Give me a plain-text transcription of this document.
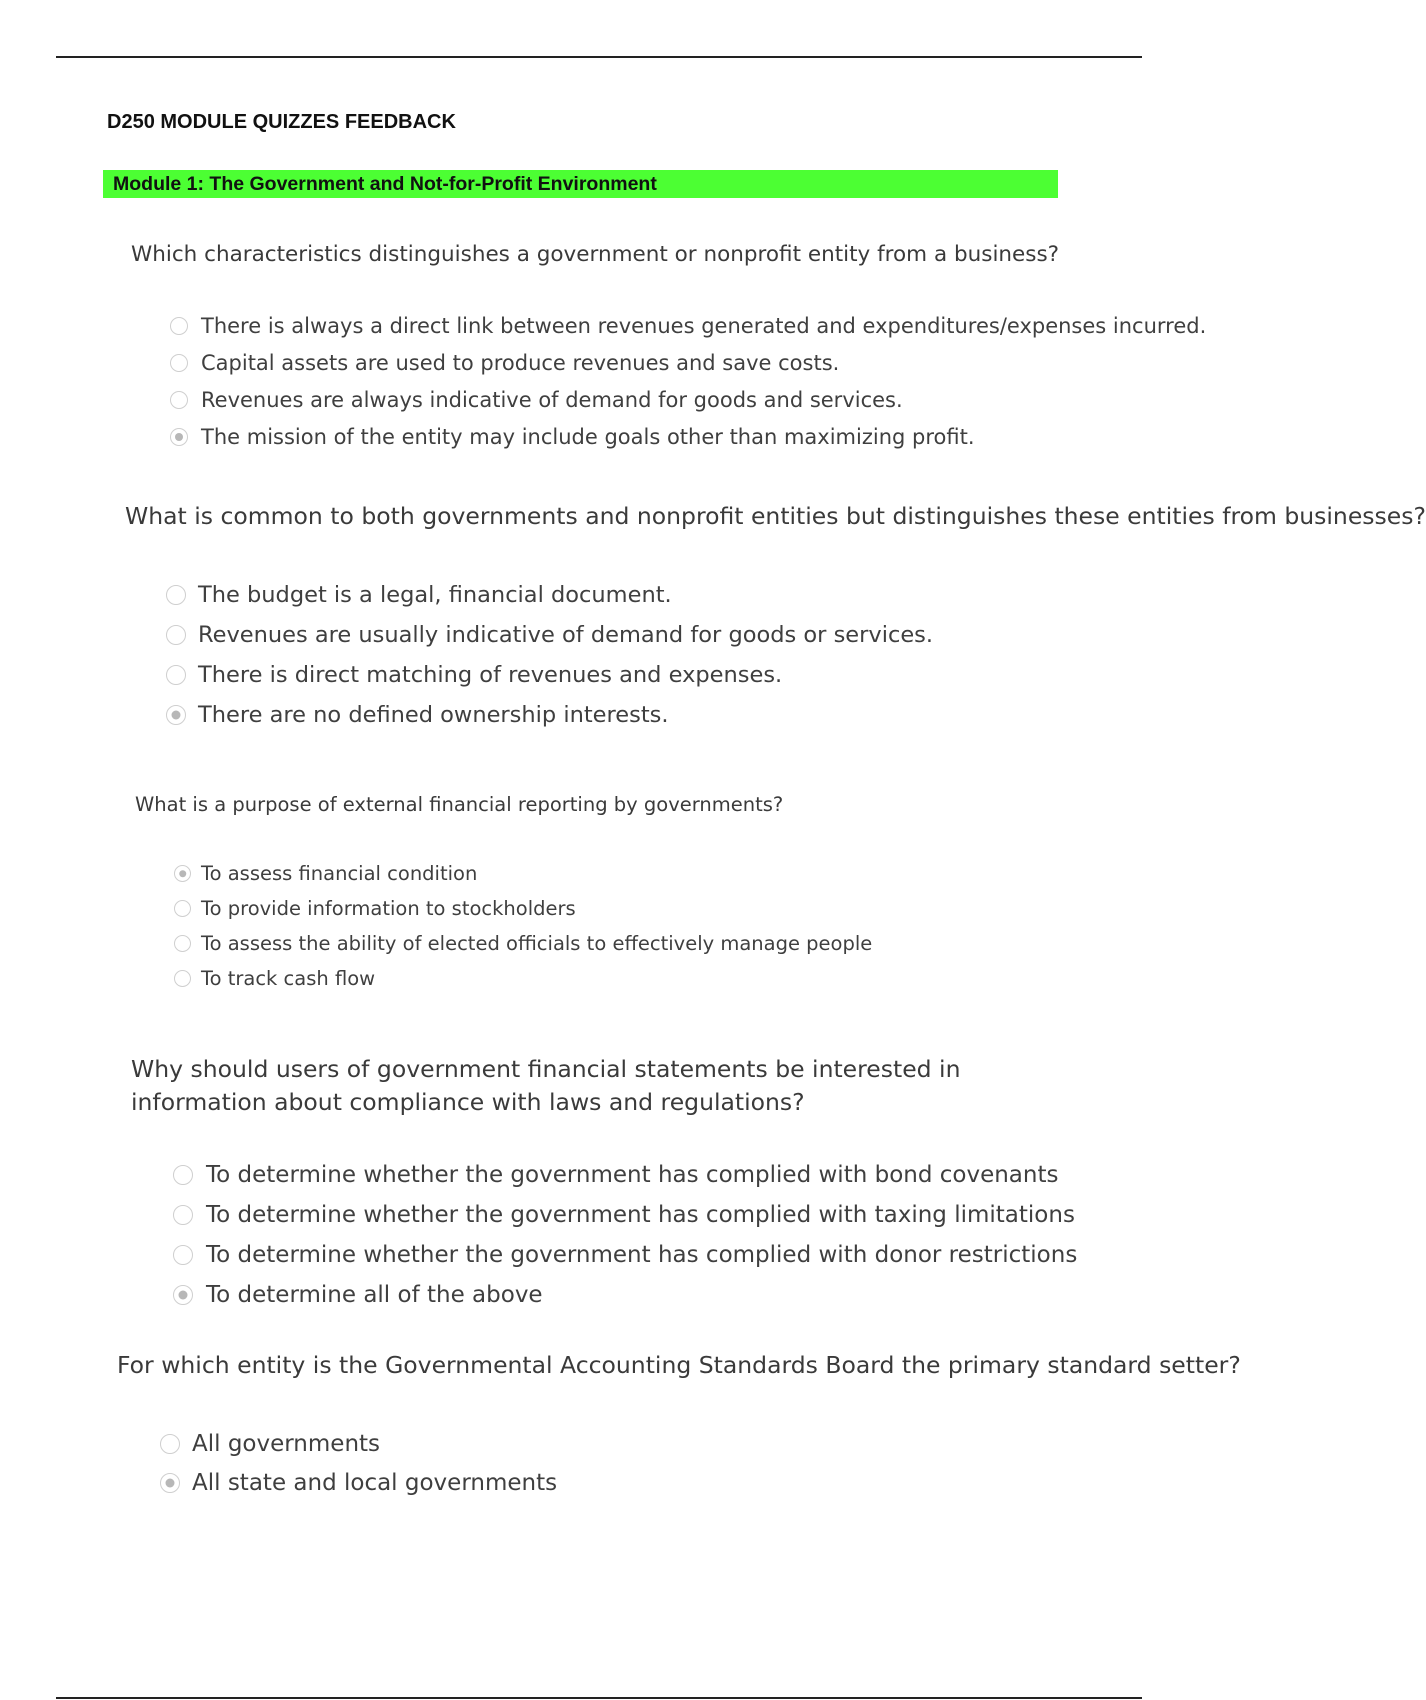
D250 MODULE QUIZZES FEEDBACK
Module 1: The Government and Not-for-Profit Environment
Which characteristics distinguishes a government or nonprofit entity from a business?
There is always a direct link between revenues generated and expenditures/expenses incurred.
Capital assets are used to produce revenues and save costs.
Revenues are always indicative of demand for goods and services.
The mission of the entity may include goals other than maximizing profit.
What is common to both governments and nonprofit entities but distinguishes these entities from businesses?
The budget is a legal, financial document.
Revenues are usually indicative of demand for goods or services.
There is direct matching of revenues and expenses.
There are no defined ownership interests.
What is a purpose of external financial reporting by governments?
To assess financial condition
To provide information to stockholders
To assess the ability of elected officials to effectively manage people
To track cash flow
Why should users of government financial statements be interested in information about compliance with laws and regulations?
To determine whether the government has complied with bond covenants
To determine whether the government has complied with taxing limitations
To determine whether the government has complied with donor restrictions
To determine all of the above
For which entity is the Governmental Accounting Standards Board the primary standard setter?
All governments
All state and local governments
